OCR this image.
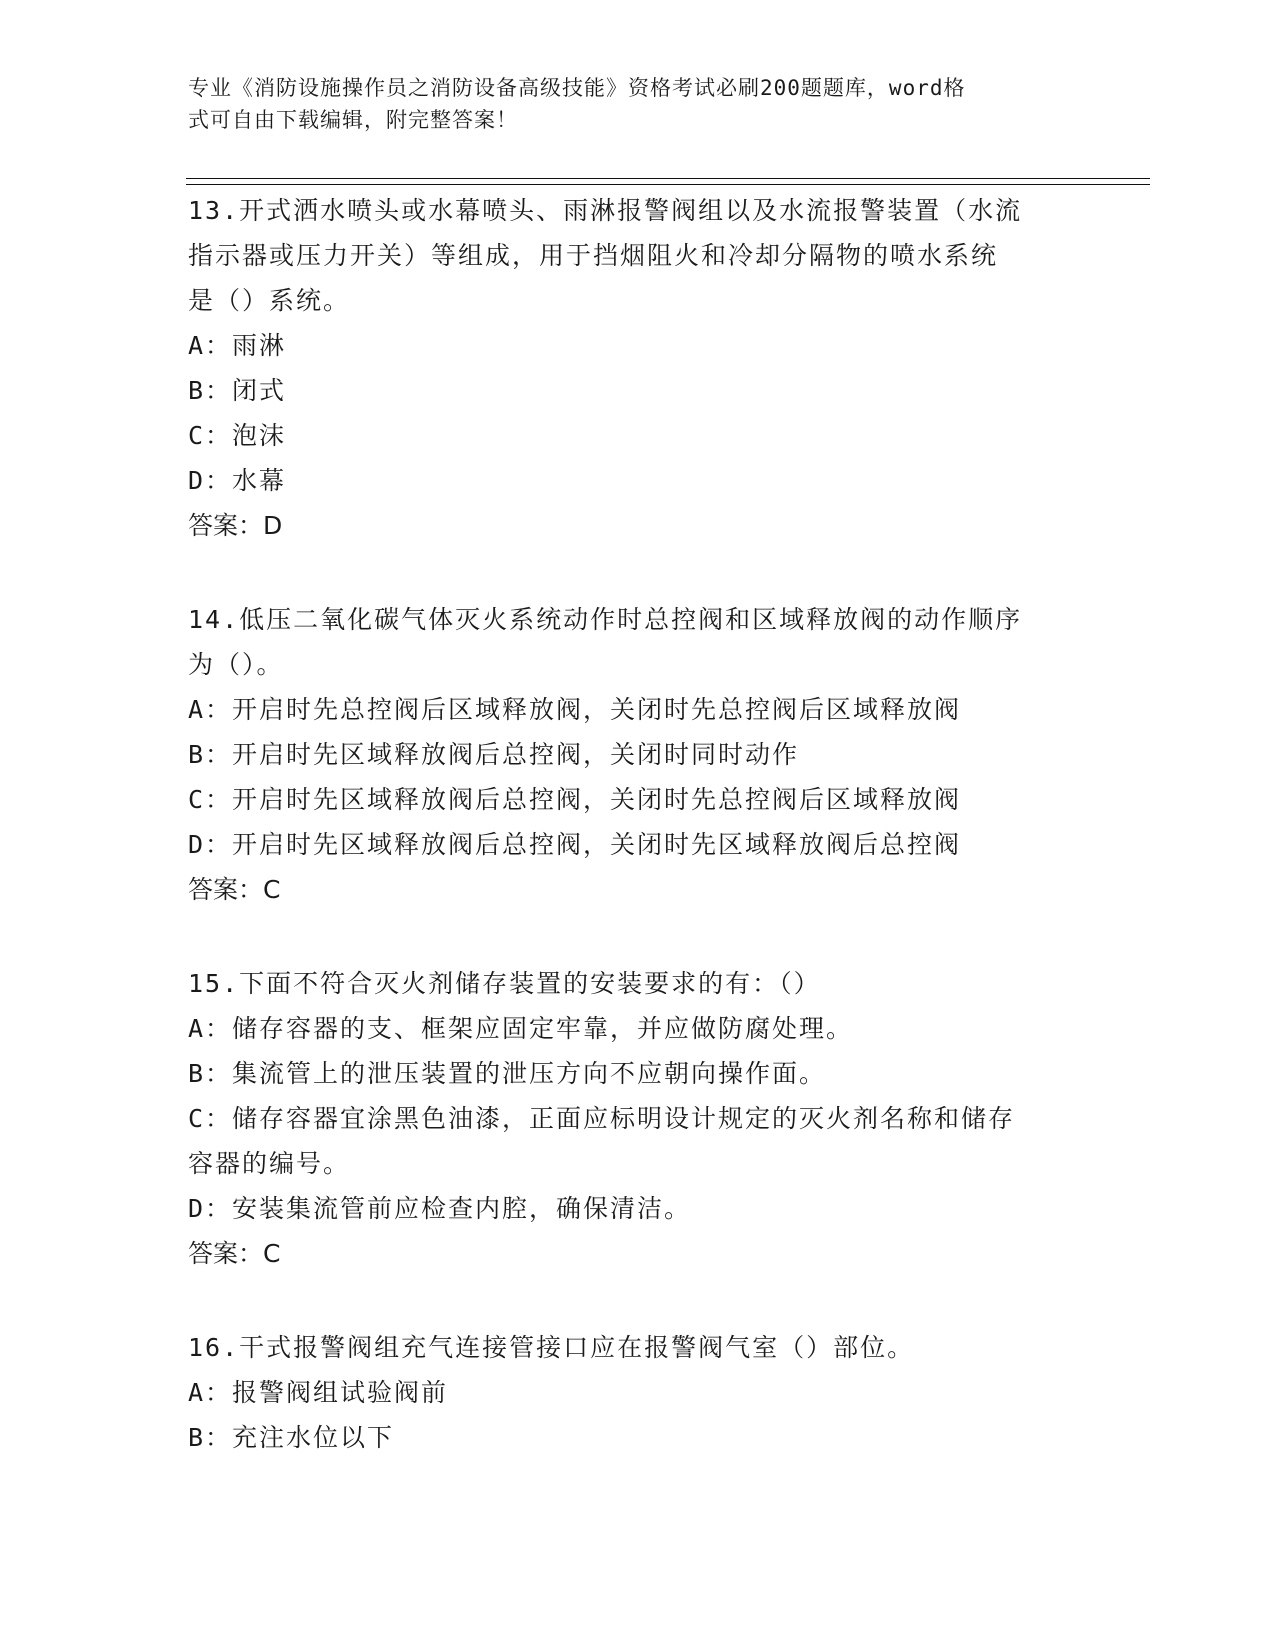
专业《消防设施操作员之消防设备高级技能》资格考试必刷200题题库，word格
式可自由下载编辑，附完整答案！
13.开式洒水喷头或水幕喷头、雨淋报警阀组以及水流报警装置（水流
指示器或压力开关）等组成，用于挡烟阻火和冷却分隔物的喷水系统
是（）系统。
A：雨淋
B：闭式
C：泡沫
D：水幕
答案：D
14.低压二氧化碳气体灭火系统动作时总控阀和区域释放阀的动作顺序
为（）。
A：开启时先总控阀后区域释放阀，关闭时先总控阀后区域释放阀
B：开启时先区域释放阀后总控阀，关闭时同时动作
C：开启时先区域释放阀后总控阀，关闭时先总控阀后区域释放阀
D：开启时先区域释放阀后总控阀，关闭时先区域释放阀后总控阀
答案：C
15.下面不符合灭火剂储存装置的安装要求的有：（）
A：储存容器的支、框架应固定牢靠，并应做防腐处理。
B：集流管上的泄压装置的泄压方向不应朝向操作面。
C：储存容器宜涂黑色油漆，正面应标明设计规定的灭火剂名称和储存
容器的编号。
D：安装集流管前应检查内腔，确保清洁。
答案：C
16.干式报警阀组充气连接管接口应在报警阀气室（）部位。
A：报警阀组试验阀前
B：充注水位以下
